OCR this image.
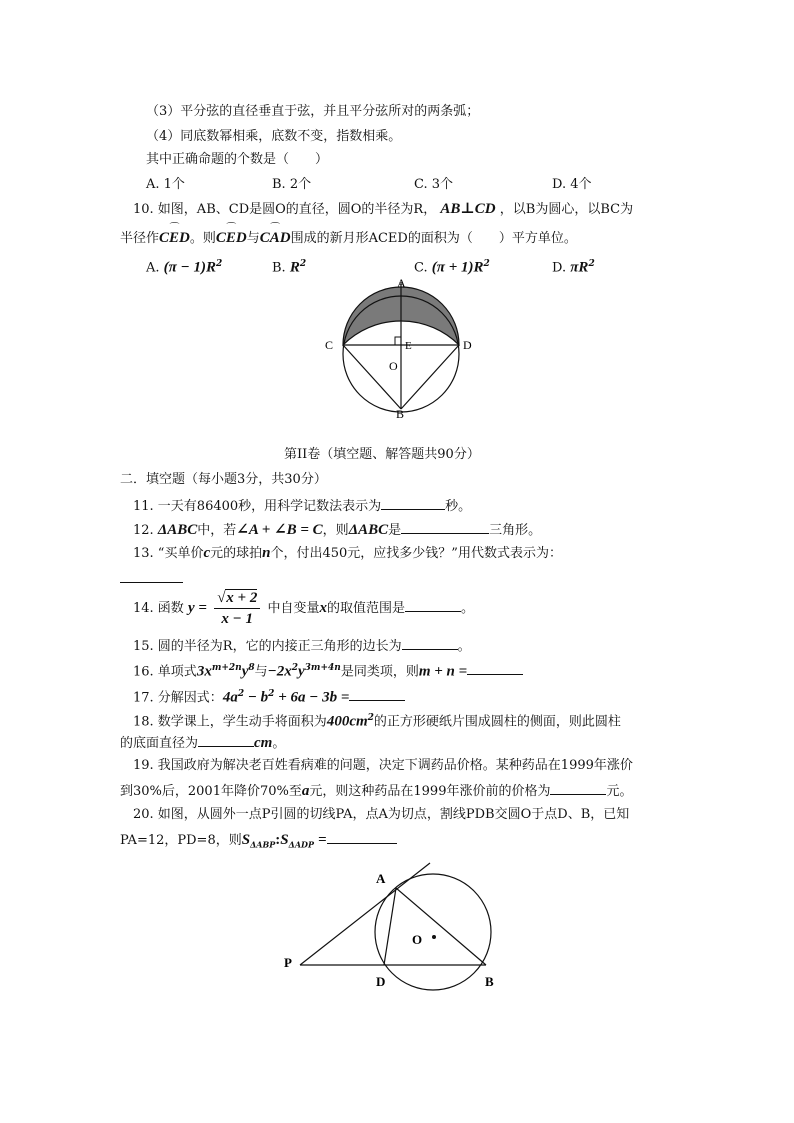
（3）平分弦的直径垂直于弦，并且平分弦所对的两条弧；
（4）同底数幂相乘，底数不变，指数相乘。
其中正确命题的个数是（　　）
A. 1个	B. 2个	C. 3个	D. 4个
10. 如图，AB、CD是圆O的直径，圆O的半径为R， AB⊥CD ，以B为圆心，以BC为
半径作⌒ CED。则⌒ CED与⌒ CAD围成的新月形ACED的面积为（　　）平方单位。
A. $(\pi - 1)R^2$	B. $R^2$	C. $(\pi + 1)R^2$	D. $\pi R^2$
A
C	D
E
O
B
第II卷（填空题、解答题共90分）
二．填空题（每小题3分，共30分）
11. 一天有86400秒，用科学记数法表示为	秒。
12. ΔABC中，若∠A + ∠B = C，则ΔABC是	三角形。
13. “买单价c元的球拍n个，付出450元，应找多少钱？”用代数式表示为：
14. 函数 $y = \frac{√x + 2}{x - 1}$ 中自变量x的取值范围是	。
15. 圆的半径为R，它的内接正三角形的边长为	。
16. 单项式$3x^{m+2n}y^8$与$-2x^2y^{3m+4n}$是同类项，则m + n =
17. 分解因式：$4a^2 - b^2 + 6a - 3b$ =
18. 数学课上，学生动手将面积为$400cm^2$的正方形硬纸片围成圆柱的侧面，则此圆柱
的底面直径为	cm。
19. 我国政府为解决老百姓看病难的问题，决定下调药品价格。某种药品在1999年涨价
到30%后，2001年降价70%至a元，则这种药品在1999年涨价前的价格为	元。
20. 如图，从圆外一点P引圆的切线PA，点A为切点，割线PDB交圆O于点D、B，已知
PA=12，PD=8，则$S_{\Delta ABP}:S_{\Delta ADP}$ =
A
P
D	B
O
